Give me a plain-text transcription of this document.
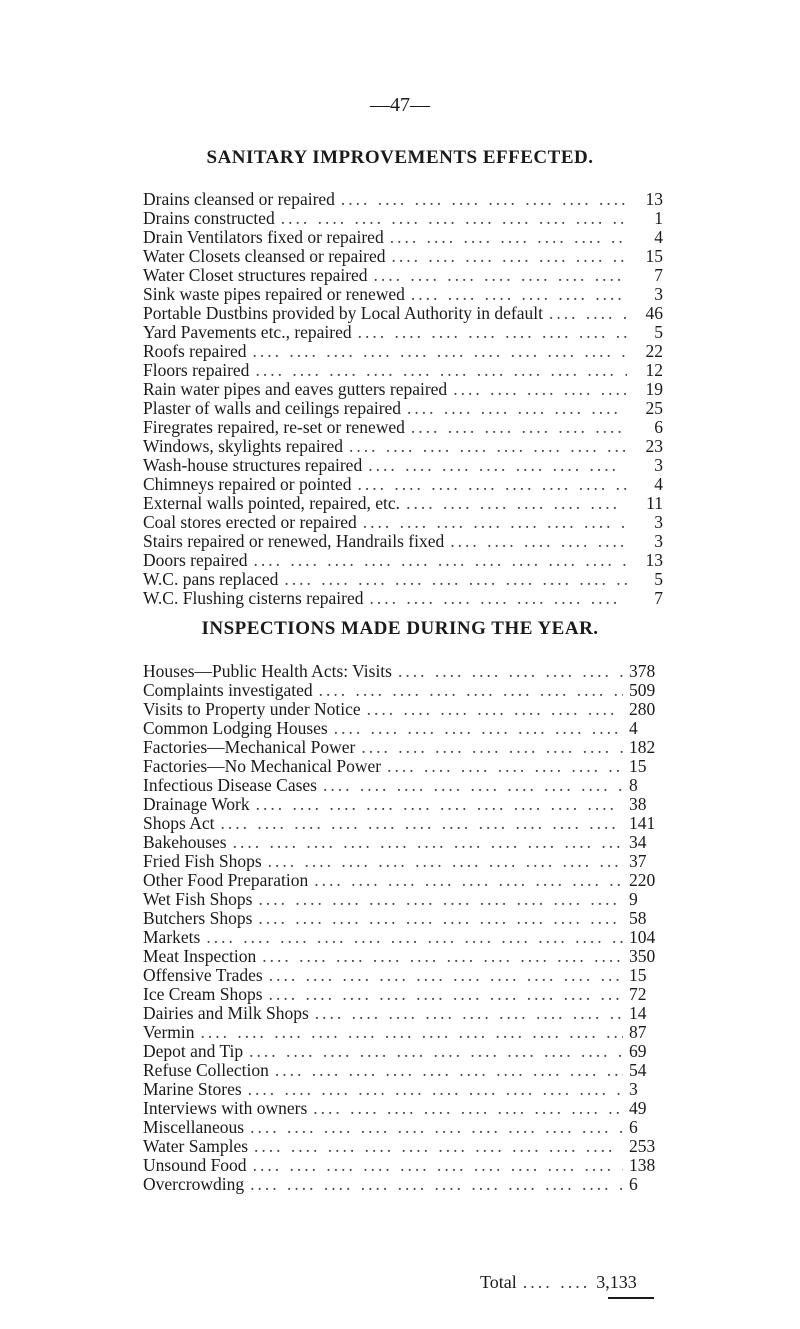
—47—
SANITARY IMPROVEMENTS EFFECTED.
Drains cleansed or repaired ....	13
Drains constructed ....	1
Drain Ventilators fixed or repaired ....	4
Water Closets cleansed or repaired ....	15
Water Closet structures repaired ....	7
Sink waste pipes repaired or renewed ....	3
Portable Dustbins provided by Local Authority in default ....	46
Yard Pavements etc., repaired ....	5
Roofs repaired ....	22
Floors repaired ....	12
Rain water pipes and eaves gutters repaired ....	19
Plaster of walls and ceilings repaired ....	25
Firegrates repaired, re-set or renewed ....	6
Windows, skylights repaired ....	23
Wash-house structures repaired ....	3
Chimneys repaired or pointed ....	4
External walls pointed, repaired, etc. ....	11
Coal stores erected or repaired ....	3
Stairs repaired or renewed, Handrails fixed ....	3
Doors repaired ....	13
W.C. pans replaced ....	5
W.C. Flushing cisterns repaired ....	7
INSPECTIONS MADE DURING THE YEAR.
Houses—Public Health Acts: Visits ....	378
Complaints investigated ....	509
Visits to Property under Notice ....	280
Common Lodging Houses ....	4
Factories—Mechanical Power ....	182
Factories—No Mechanical Power ....	15
Infectious Disease Cases ....	8
Drainage Work ....	38
Shops Act ....	141
Bakehouses ....	34
Fried Fish Shops ....	37
Other Food Preparation ....	220
Wet Fish Shops ....	9
Butchers Shops ....	58
Markets ....	104
Meat Inspection ....	350
Offensive Trades ....	15
Ice Cream Shops ....	72
Dairies and Milk Shops ....	14
Vermin ....	87
Depot and Tip ....	69
Refuse Collection ....	54
Marine Stores ....	3
Interviews with owners ....	49
Miscellaneous ....	6
Water Samples ....	253
Unsound Food ....	138
Overcrowding ....	6
Total .... .... 3,133
